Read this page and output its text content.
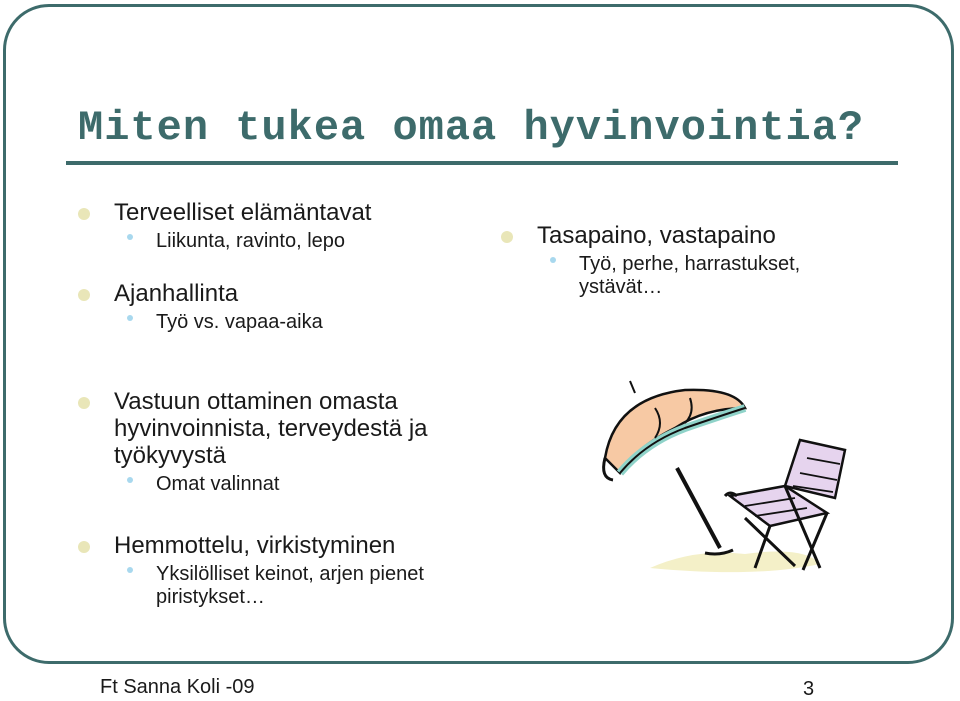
Miten tukea omaa hyvinvointia?
Terveelliset elämäntavat
Liikunta, ravinto, lepo
Ajanhallinta
Työ vs. vapaa-aika
Tasapaino, vastapaino
Työ, perhe, harrastukset, ystävät…
Vastuun ottaminen omasta hyvinvoinnista, terveydestä ja työkyvystä
Omat valinnat
Hemmottelu, virkistyminen
Yksilölliset keinot, arjen pienet piristykset…
Ft Sanna Koli -09	3
